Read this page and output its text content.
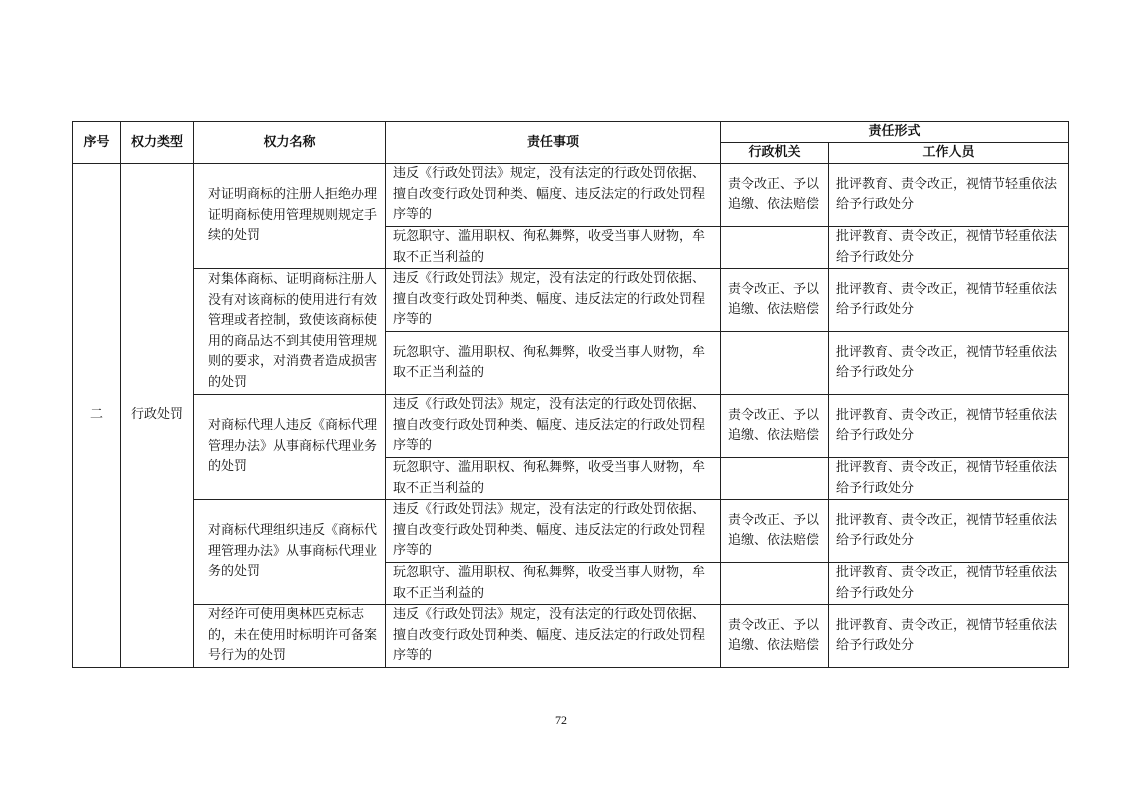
序号	权力类型	权力名称	责任事项	责任形式	
				行政机关	工作人员
二	行政处罚	对证明商标的注册人拒绝办理证明商标使用管理规则规定手续的处罚	违反《行政处罚法》规定，没有法定的行政处罚依据、擅自改变行政处罚种类、幅度、违反法定的行政处罚程序等的	责令改正、予以追缴、依法赔偿	批评教育、责令改正，视情节轻重依法给予行政处分
			玩忽职守、滥用职权、徇私舞弊，收受当事人财物，牟取不正当利益的		批评教育、责令改正，视情节轻重依法给予行政处分
		对集体商标、证明商标注册人没有对该商标的使用进行有效管理或者控制，致使该商标使用的商品达不到其使用管理规则的要求，对消费者造成损害的处罚	违反《行政处罚法》规定，没有法定的行政处罚依据、擅自改变行政处罚种类、幅度、违反法定的行政处罚程序等的	责令改正、予以追缴、依法赔偿	批评教育、责令改正，视情节轻重依法给予行政处分
			玩忽职守、滥用职权、徇私舞弊，收受当事人财物，牟取不正当利益的		批评教育、责令改正，视情节轻重依法给予行政处分
		对商标代理人违反《商标代理管理办法》从事商标代理业务的处罚	违反《行政处罚法》规定，没有法定的行政处罚依据、擅自改变行政处罚种类、幅度、违反法定的行政处罚程序等的	责令改正、予以追缴、依法赔偿	批评教育、责令改正，视情节轻重依法给予行政处分
			玩忽职守、滥用职权、徇私舞弊，收受当事人财物，牟取不正当利益的		批评教育、责令改正，视情节轻重依法给予行政处分
		对商标代理组织违反《商标代理管理办法》从事商标代理业务的处罚	违反《行政处罚法》规定，没有法定的行政处罚依据、擅自改变行政处罚种类、幅度、违反法定的行政处罚程序等的	责令改正、予以追缴、依法赔偿	批评教育、责令改正，视情节轻重依法给予行政处分
			玩忽职守、滥用职权、徇私舞弊，收受当事人财物，牟取不正当利益的		批评教育、责令改正，视情节轻重依法给予行政处分
		对经许可使用奥林匹克标志的，未在使用时标明许可备案号行为的处罚	违反《行政处罚法》规定，没有法定的行政处罚依据、擅自改变行政处罚种类、幅度、违反法定的行政处罚程序等的	责令改正、予以追缴、依法赔偿	批评教育、责令改正，视情节轻重依法给予行政处分
72
